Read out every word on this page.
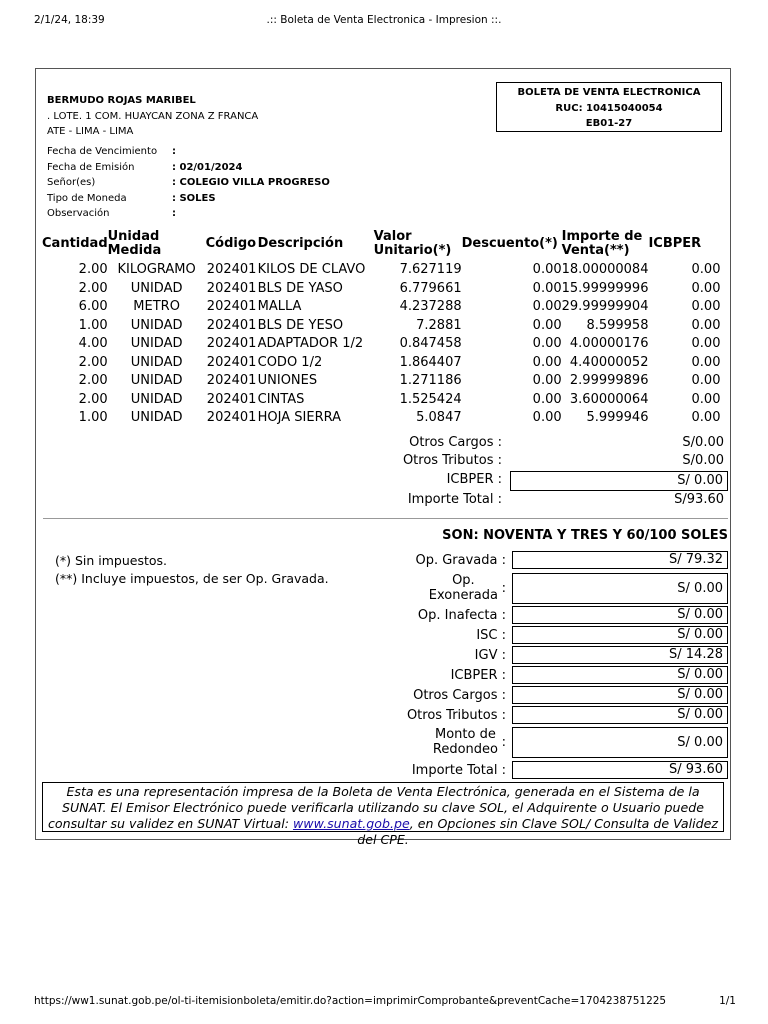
2/1/24, 18:39	.:: Boleta de Venta Electronica - Impresion ::.
BERMUDO ROJAS MARIBEL
. LOTE. 1 COM. HUAYCAN ZONA Z FRANCA
ATE - LIMA - LIMA
BOLETA DE VENTA ELECTRONICA
RUC: 10415040054
EB01-27
Fecha de Vencimiento :
Fecha de Emisión	: 02/01/2024
Señor(es)	: COLEGIO VILLA PROGRESO
Tipo de Moneda	: SOLES
Observación	:
Cantidad	Unidad
Medida	Código	Descripción	Valor
Unitario(*)	Descuento(*)	Importe de
Venta(**)	ICBPER
2.00	KILOGRAMO	202401	KILOS DE CLAVO	7.627119	0.00	18.00000084	0.00
2.00	UNIDAD	202401	BLS DE YASO	6.779661	0.00	15.99999996	0.00
6.00	METRO	202401	MALLA	4.237288	0.00	29.99999904	0.00
1.00	UNIDAD	202401	BLS DE YESO	7.2881	0.00	8.599958	0.00
4.00	UNIDAD	202401	ADAPTADOR 1/2	0.847458	0.00	4.00000176	0.00
2.00	UNIDAD	202401	CODO 1/2	1.864407	0.00	4.40000052	0.00
2.00	UNIDAD	202401	UNIONES	1.271186	0.00	2.99999896	0.00
2.00	UNIDAD	202401	CINTAS	1.525424	0.00	3.60000064	0.00
1.00	UNIDAD	202401	HOJA SIERRA	5.0847	0.00	5.999946	0.00
Otros Cargos :	S/0.00
Otros Tributos :	S/0.00
ICBPER :	S/ 0.00
Importe Total :	S/93.60
SON: NOVENTA Y TRES Y 60/100 SOLES
(*) Sin impuestos.
(**) Incluye impuestos, de ser Op. Gravada.
Op. Gravada :	S/ 79.32
Op.
Exonerada :	S/ 0.00
Op. Inafecta :	S/ 0.00
ISC :	S/ 0.00
IGV :	S/ 14.28
ICBPER :	S/ 0.00
Otros Cargos :	S/ 0.00
Otros Tributos :	S/ 0.00
Monto de
Redondeo :	S/ 0.00
Importe Total :	S/ 93.60
Esta es una representación impresa de la Boleta de Venta Electrónica, generada en el Sistema de la SUNAT. El Emisor Electrónico puede verificarla utilizando su clave SOL, el Adquirente o Usuario puede consultar su validez en SUNAT Virtual: www.sunat.gob.pe, en Opciones sin Clave SOL/ Consulta de Validez del CPE.
https://ww1.sunat.gob.pe/ol-ti-itemisionboleta/emitir.do?action=imprimirComprobante&preventCache=1704238751225	1/1
